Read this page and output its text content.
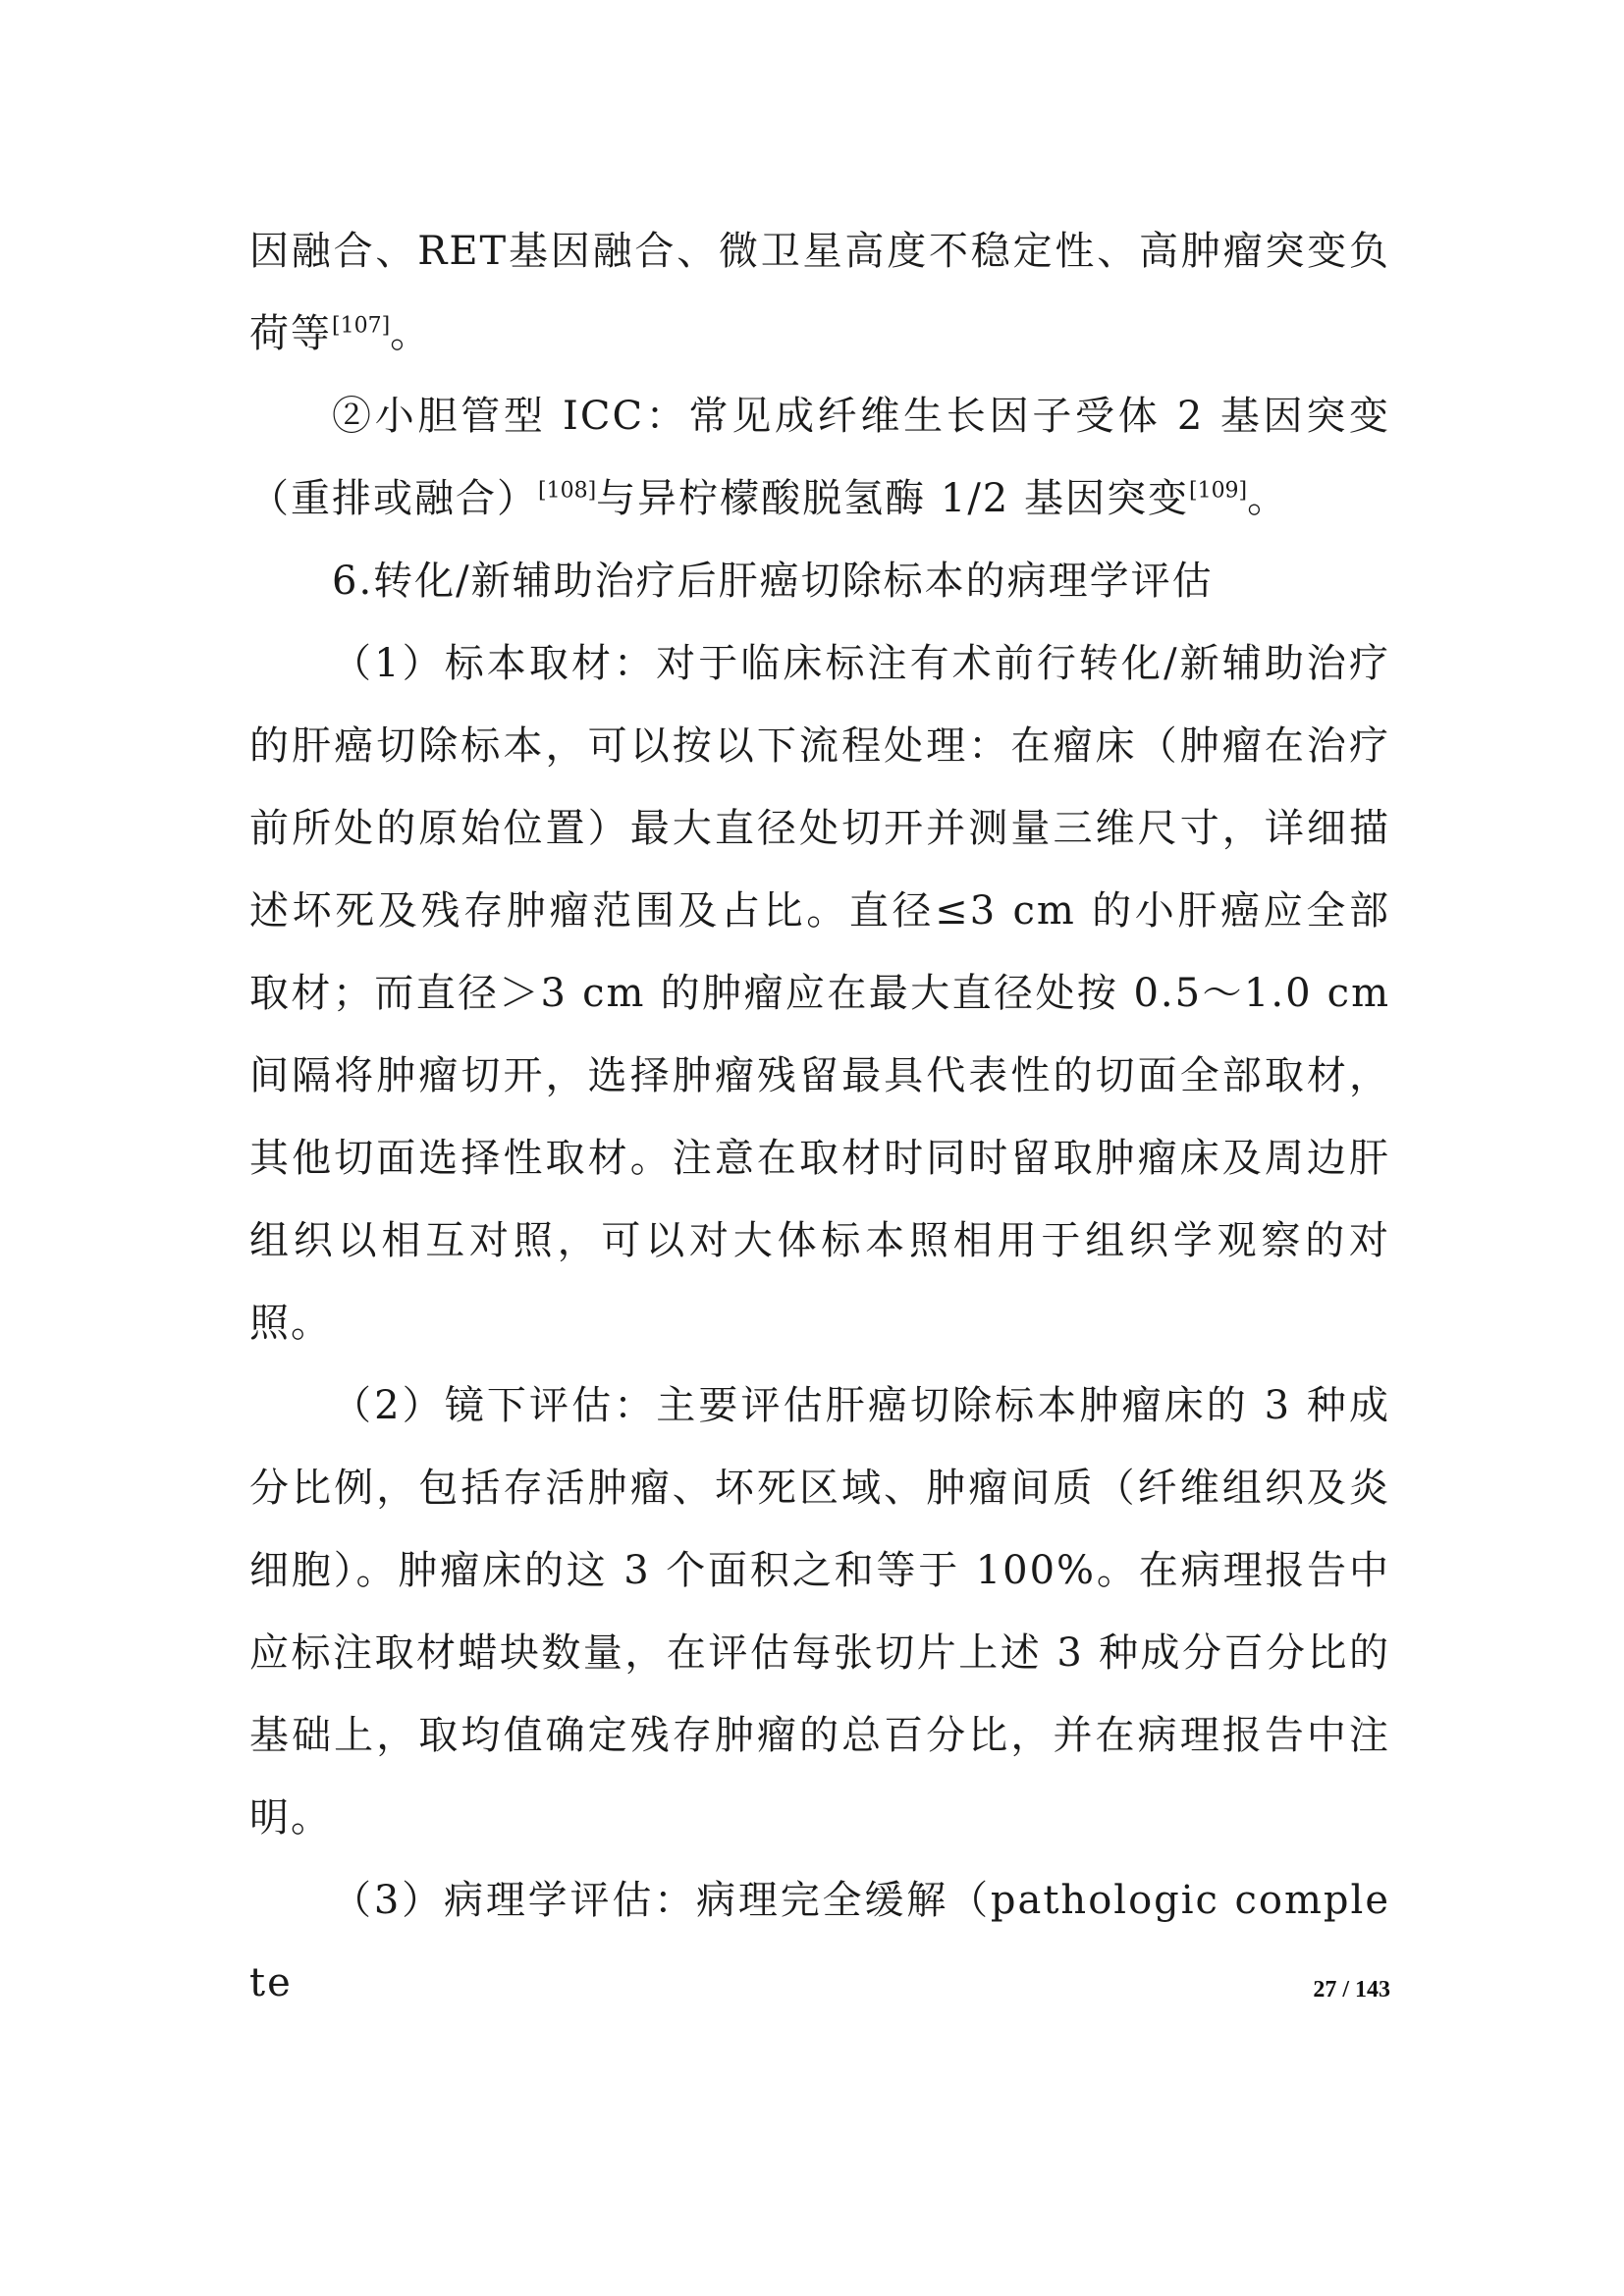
因融合、RET基因融合、微卫星高度不稳定性、高肿瘤突变负荷等[107]。

②小胆管型 ICC：常见成纤维生长因子受体 2 基因突变（重排或融合）[108]与异柠檬酸脱氢酶 1/2 基因突变[109]。

6.转化/新辅助治疗后肝癌切除标本的病理学评估

（1）标本取材：对于临床标注有术前行转化/新辅助治疗的肝癌切除标本，可以按以下流程处理：在瘤床（肿瘤在治疗前所处的原始位置）最大直径处切开并测量三维尺寸，详细描述坏死及残存肿瘤范围及占比。直径≤3 cm 的小肝癌应全部取材；而直径＞3 cm 的肿瘤应在最大直径处按 0.5～1.0 cm 间隔将肿瘤切开，选择肿瘤残留最具代表性的切面全部取材，其他切面选择性取材。注意在取材时同时留取肿瘤床及周边肝组织以相互对照，可以对大体标本照相用于组织学观察的对照。

（2）镜下评估：主要评估肝癌切除标本肿瘤床的 3 种成分比例，包括存活肿瘤、坏死区域、肿瘤间质（纤维组织及炎细胞）。肿瘤床的这 3 个面积之和等于 100%。在病理报告中应标注取材蜡块数量，在评估每张切片上述 3 种成分百分比的基础上，取均值确定残存肿瘤的总百分比，并在病理报告中注明。

（3）病理学评估：病理完全缓解（pathologic complete	27 / 143
